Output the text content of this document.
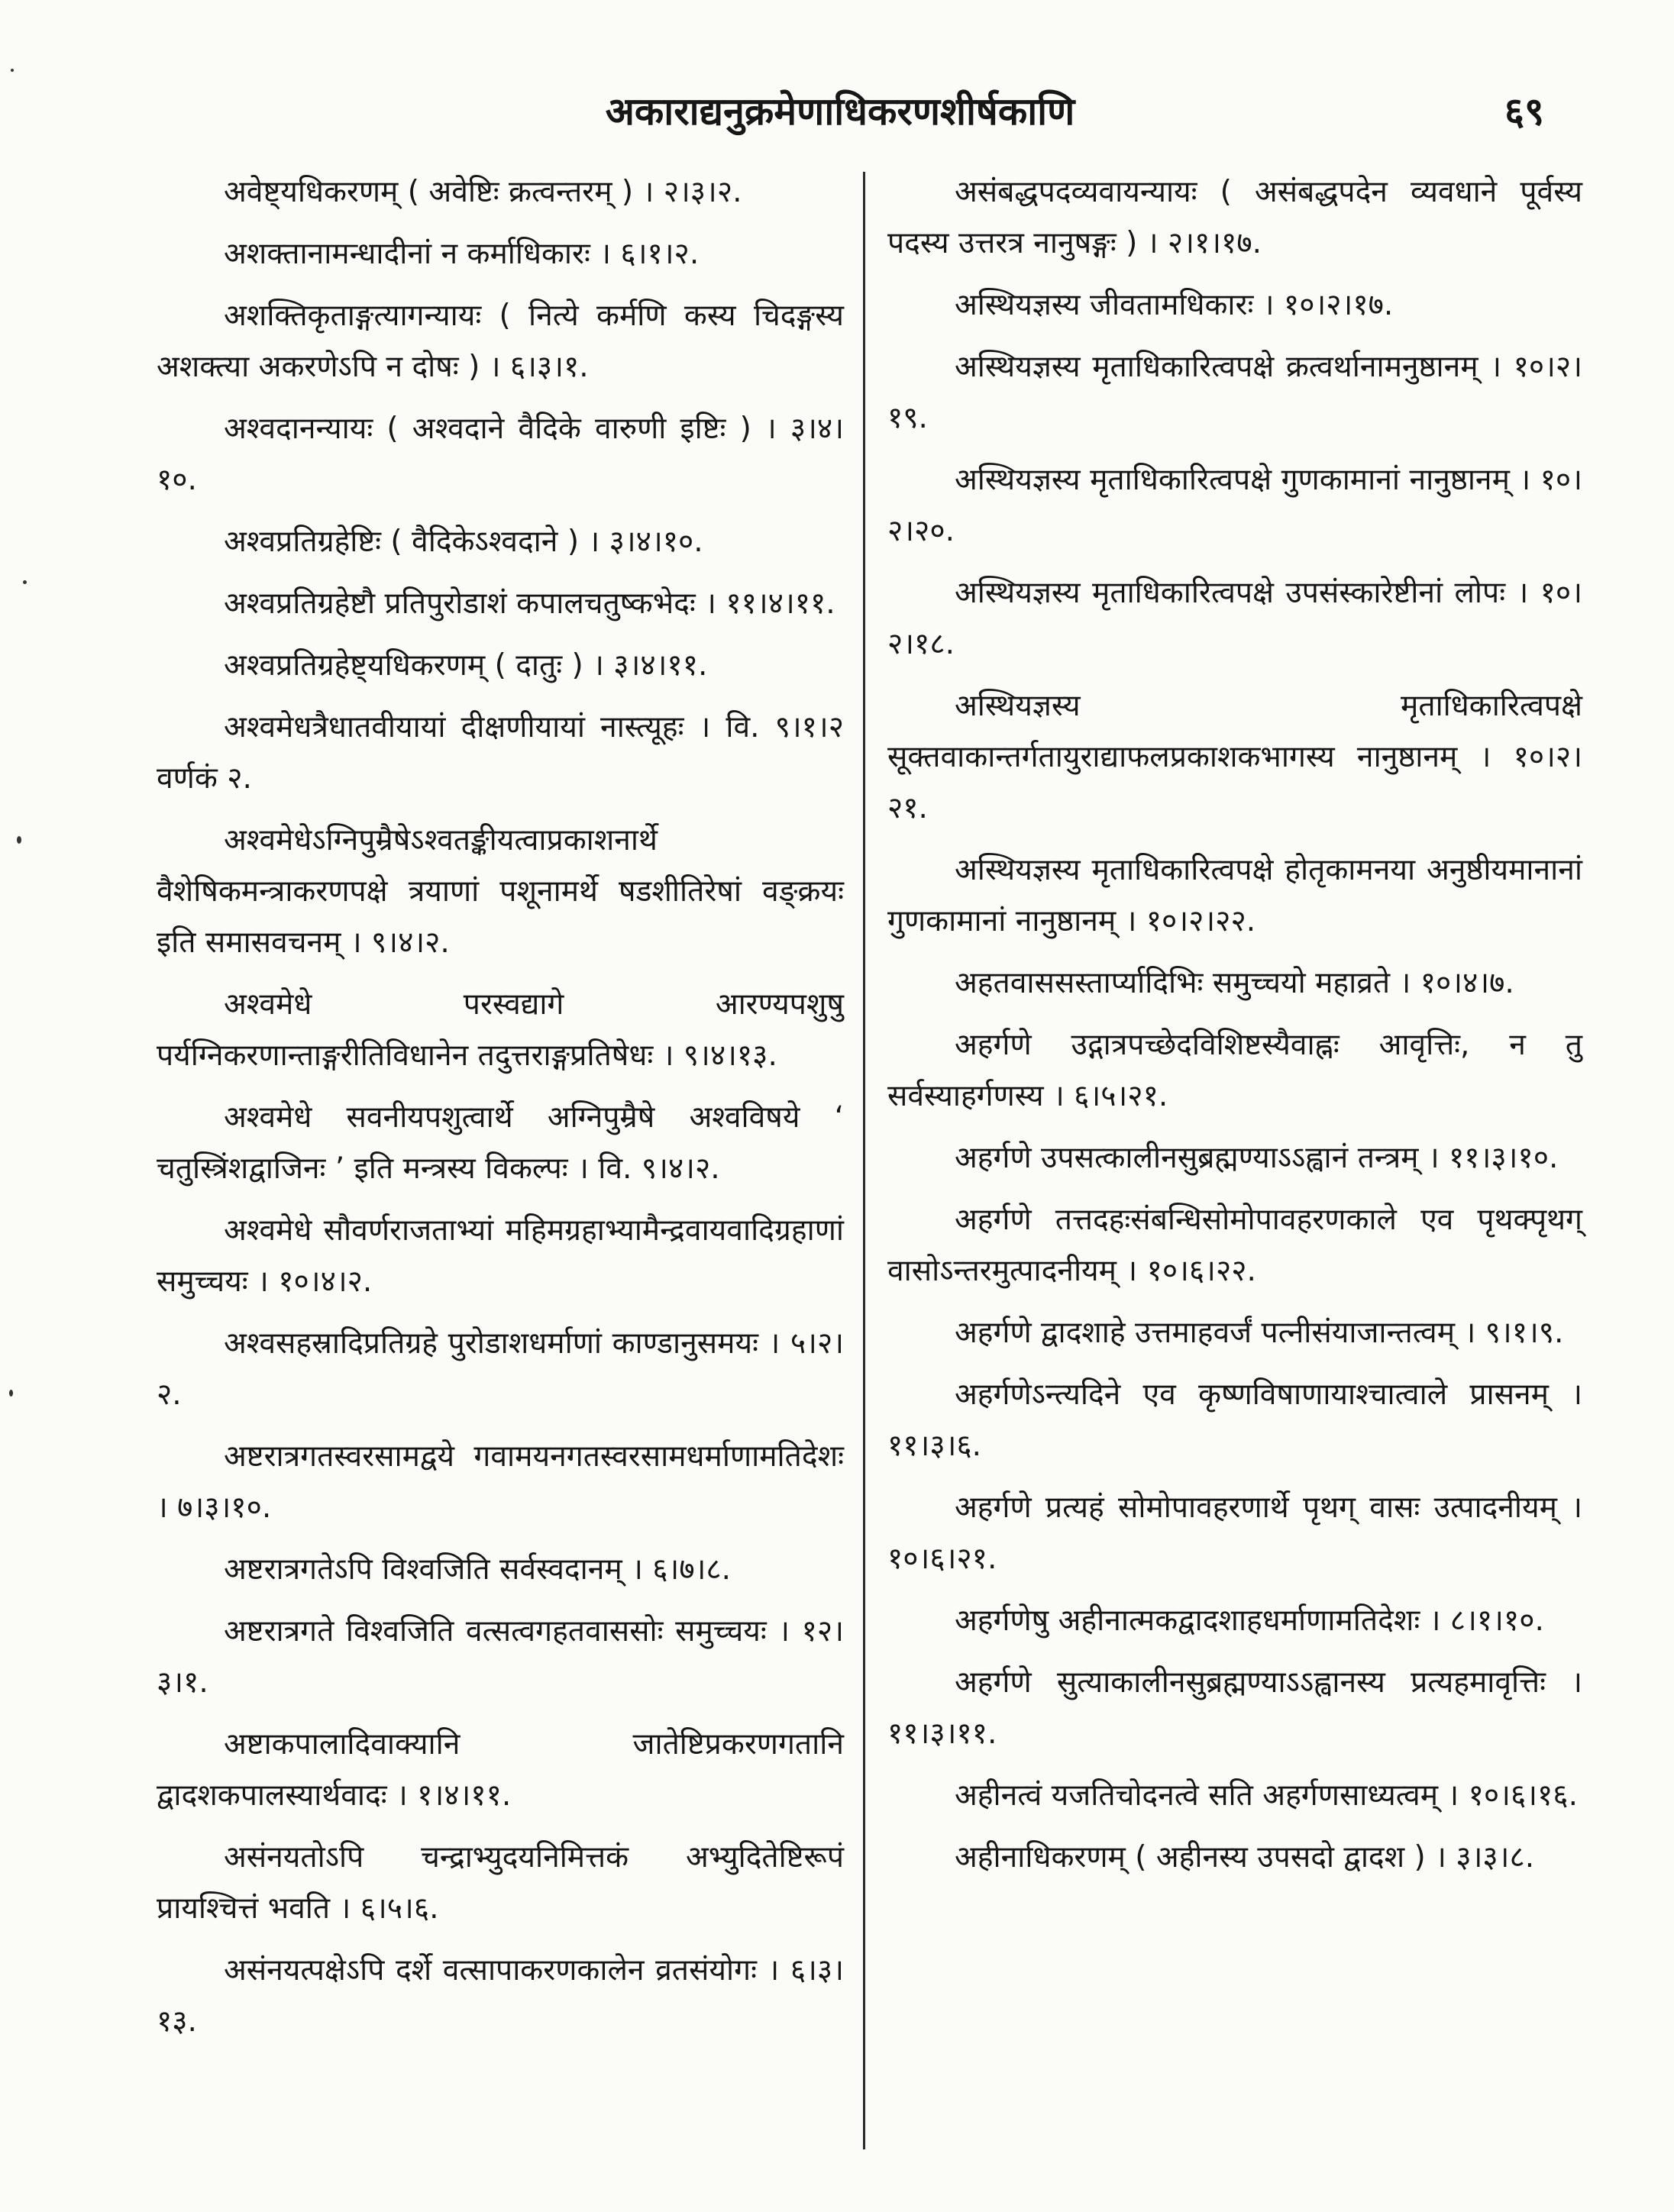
अकाराद्यनुक्रमेणाधिकरणशीर्षकाणि	६९

अवेष्ट्यधिकरणम् ( अवेष्टिः क्रत्वन्तरम् ) । २।३।२.

अशक्तानामन्धादीनां न कर्माधिकारः । ६।१।२.

अशक्तिकृताङ्गत्यागन्यायः ( नित्ये कर्मणि कस्य चिदङ्गस्य अशक्त्या अकरणेऽपि न दोषः ) । ६।३।१.

अश्वदानन्यायः ( अश्वदाने वैदिके वारुणी इष्टिः ) । ३।४।१०.

अश्वप्रतिग्रहेष्टिः ( वैदिकेऽश्वदाने ) । ३।४।१०.

अश्वप्रतिग्रहेष्टौ प्रतिपुरोडाशं कपालचतुष्कभेदः । ११।४।११.

अश्वप्रतिग्रहेष्ट्यधिकरणम् ( दातुः ) । ३।४।११.

अश्वमेधत्रैधातवीयायां दीक्षणीयायां नास्त्यूहः । वि. ९।१।२ वर्णकं २.

अश्वमेधेऽग्निपुम्रैषेऽश्वतङ्कीयत्वाप्रकाशनार्थे वैशेषिकमन्त्राकरणपक्षे त्रयाणां पशूनामर्थे षडशीतिरेषां वङ्क्रयः इति समासवचनम् । ९।४।२.

अश्वमेधे परस्वद्यागे आरण्यपशुषु पर्यग्निकरणान्ताङ्गरीतिविधानेन तदुत्तराङ्गप्रतिषेधः । ९।४।१३.

अश्वमेधे सवनीयपशुत्वार्थे अग्निपुम्रैषे अश्वविषये ‘ चतुस्त्रिंशद्वाजिनः ’ इति मन्त्रस्य विकल्पः । वि. ९।४।२.

अश्वमेधे सौवर्णराजताभ्यां महिमग्रहाभ्यामैन्द्रवायवादिग्रहाणां समुच्चयः । १०।४।२.

अश्वसहस्रादिप्रतिग्रहे पुरोडाशधर्माणां काण्डानुसमयः । ५।२।२.

अष्टरात्रगतस्वरसामद्वये गवामयनगतस्वरसामधर्माणामतिदेशः । ७।३।१०.

अष्टरात्रगतेऽपि विश्वजिति सर्वस्वदानम् । ६।७।८.

अष्टरात्रगते विश्वजिति वत्सत्वगहतवाससोः समुच्चयः । १२।३।१.

अष्टाकपालादिवाक्यानि जातेष्टिप्रकरणगतानि द्वादशकपालस्यार्थवादः । १।४।११.

असंनयतोऽपि चन्द्राभ्युदयनिमित्तकं अभ्युदितेष्टिरूपं प्रायश्चित्तं भवति । ६।५।६.

असंनयत्पक्षेऽपि दर्शे वत्सापाकरणकालेन व्रतसंयोगः । ६।३।१३.

असंबद्धपदव्यवायन्यायः ( असंबद्धपदेन व्यवधाने पूर्वस्य पदस्य उत्तरत्र नानुषङ्गः ) । २।१।१७.

अस्थियज्ञस्य जीवतामधिकारः । १०।२।१७.

अस्थियज्ञस्य मृताधिकारित्वपक्षे क्रत्वर्थानामनुष्ठानम् । १०।२।१९.

अस्थियज्ञस्य मृताधिकारित्वपक्षे गुणकामानां नानुष्ठानम् । १०।२।२०.

अस्थियज्ञस्य मृताधिकारित्वपक्षे उपसंस्कारेष्टीनां लोपः । १०।२।१८.

अस्थियज्ञस्य मृताधिकारित्वपक्षे सूक्तवाकान्तर्गतायुराद्याफलप्रकाशकभागस्य नानुष्ठानम् । १०।२।२१.

अस्थियज्ञस्य मृताधिकारित्वपक्षे होतृकामनया अनुष्ठीयमानानां गुणकामानां नानुष्ठानम् । १०।२।२२.

अहतवाससस्तार्प्यादिभिः समुच्चयो महाव्रते । १०।४।७.

अहर्गणे उद्गात्रपच्छेदविशिष्टस्यैवाह्नः आवृत्तिः, न तु सर्वस्याहर्गणस्य । ६।५।२१.

अहर्गणे उपसत्कालीनसुब्रह्मण्याऽऽह्वानं तन्त्रम् । ११।३।१०.

अहर्गणे तत्तदहःसंबन्धिसोमोपावहरणकाले एव पृथक्पृथग् वासोऽन्तरमुत्पादनीयम् । १०।६।२२.

अहर्गणे द्वादशाहे उत्तमाहवर्जं पत्नीसंयाजान्तत्वम् । ९।१।९.

अहर्गणेऽन्त्यदिने एव कृष्णविषाणायाश्चात्वाले प्रासनम् । ११।३।६.

अहर्गणे प्रत्यहं सोमोपावहरणार्थे पृथग् वासः उत्पादनीयम् । १०।६।२१.

अहर्गणेषु अहीनात्मकद्वादशाहधर्माणामतिदेशः । ८।१।१०.

अहर्गणे सुत्याकालीनसुब्रह्मण्याऽऽह्वानस्य प्रत्यहमावृत्तिः । ११।३।११.

अहीनत्वं यजतिचोदनत्वे सति अहर्गणसाध्यत्वम् । १०।६।१६.

अहीनाधिकरणम् ( अहीनस्य उपसदो द्वादश ) । ३।३।८.
